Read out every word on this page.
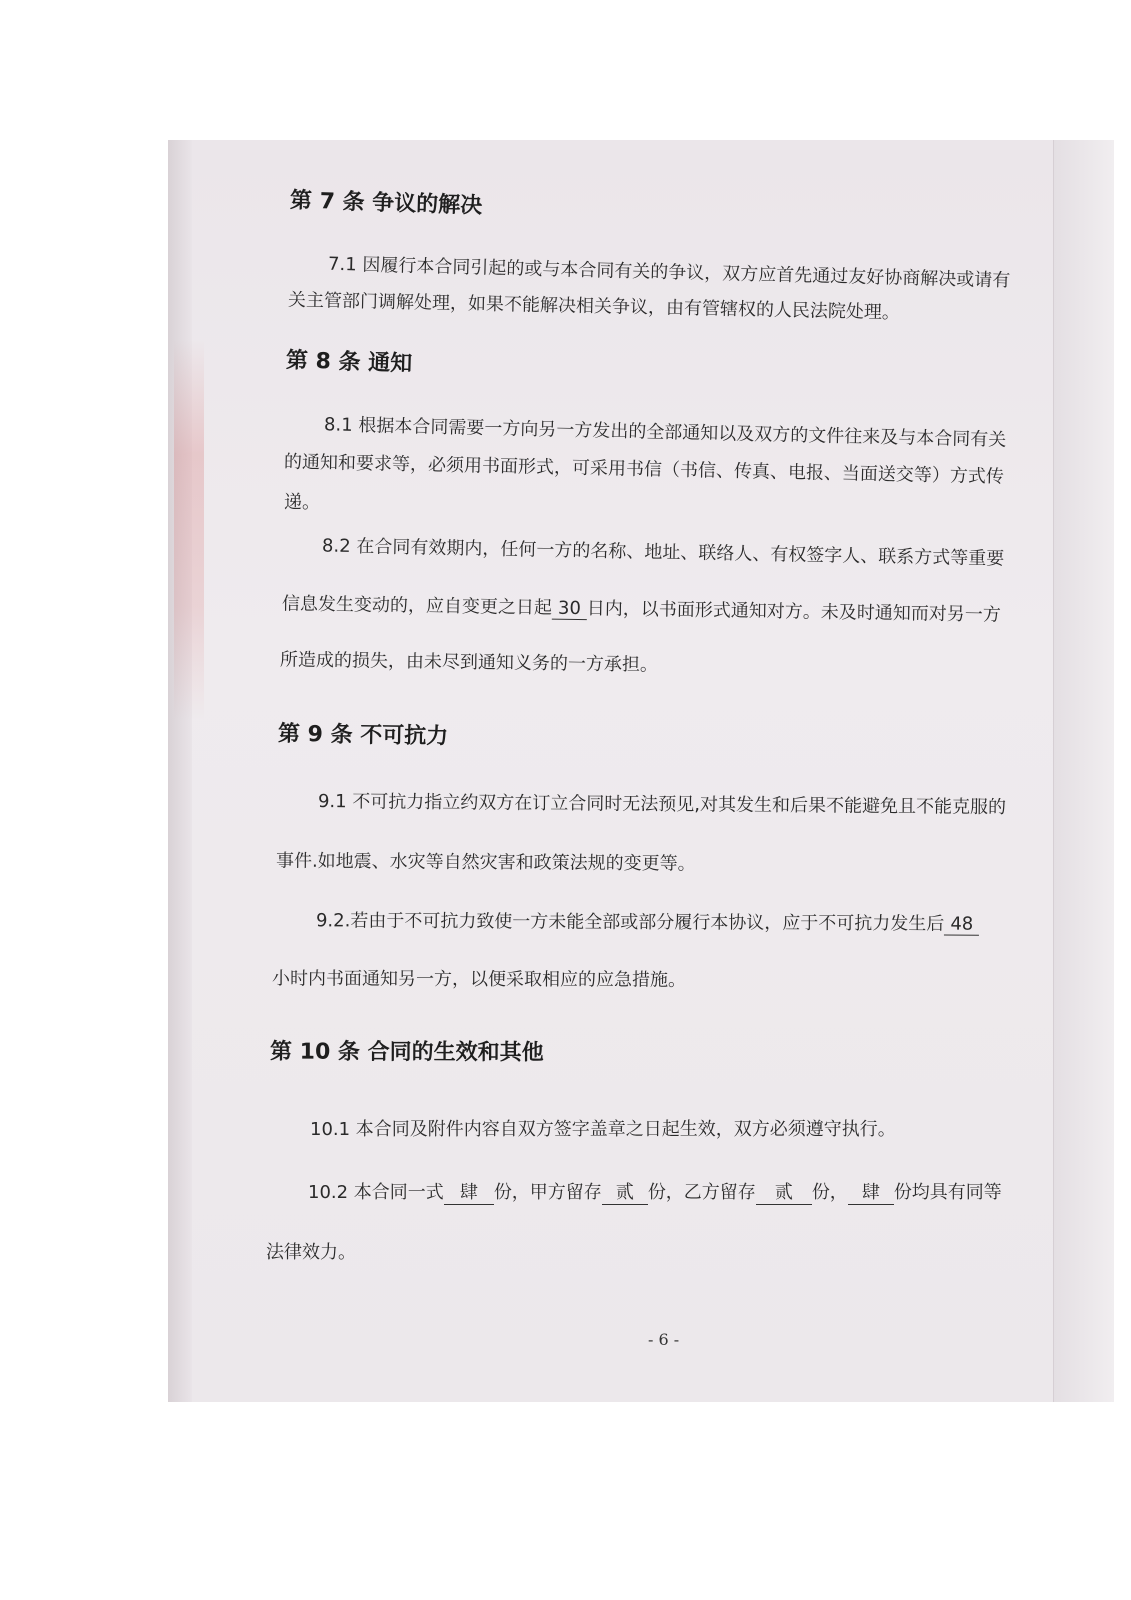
第 7 条 争议的解决
7.1 因履行本合同引起的或与本合同有关的争议，双方应首先通过友好协商解决或请有
关主管部门调解处理，如果不能解决相关争议，由有管辖权的人民法院处理。
第 8 条 通知
8.1 根据本合同需要一方向另一方发出的全部通知以及双方的文件往来及与本合同有关
的通知和要求等，必须用书面形式，可采用书信（书信、传真、电报、当面送交等）方式传
递。
8.2 在合同有效期内，任何一方的名称、地址、联络人、有权签字人、联系方式等重要
信息发生变动的，应自变更之日起 30 日内，以书面形式通知对方。未及时通知而对另一方
所造成的损失，由未尽到通知义务的一方承担。
第 9 条 不可抗力
9.1 不可抗力指立约双方在订立合同时无法预见,对其发生和后果不能避免且不能克服的
事件.如地震、水灾等自然灾害和政策法规的变更等。
9.2.若由于不可抗力致使一方未能全部或部分履行本协议，应于不可抗力发生后 48
小时内书面通知另一方，以便采取相应的应急措施。
第 10 条 合同的生效和其他
10.1 本合同及附件内容自双方签字盖章之日起生效，双方必须遵守执行。
10.2 本合同一式 肆 份，甲方留存 贰 份，乙方留存 贰 份， 肆 份均具有同等
法律效力。
- 6 -
